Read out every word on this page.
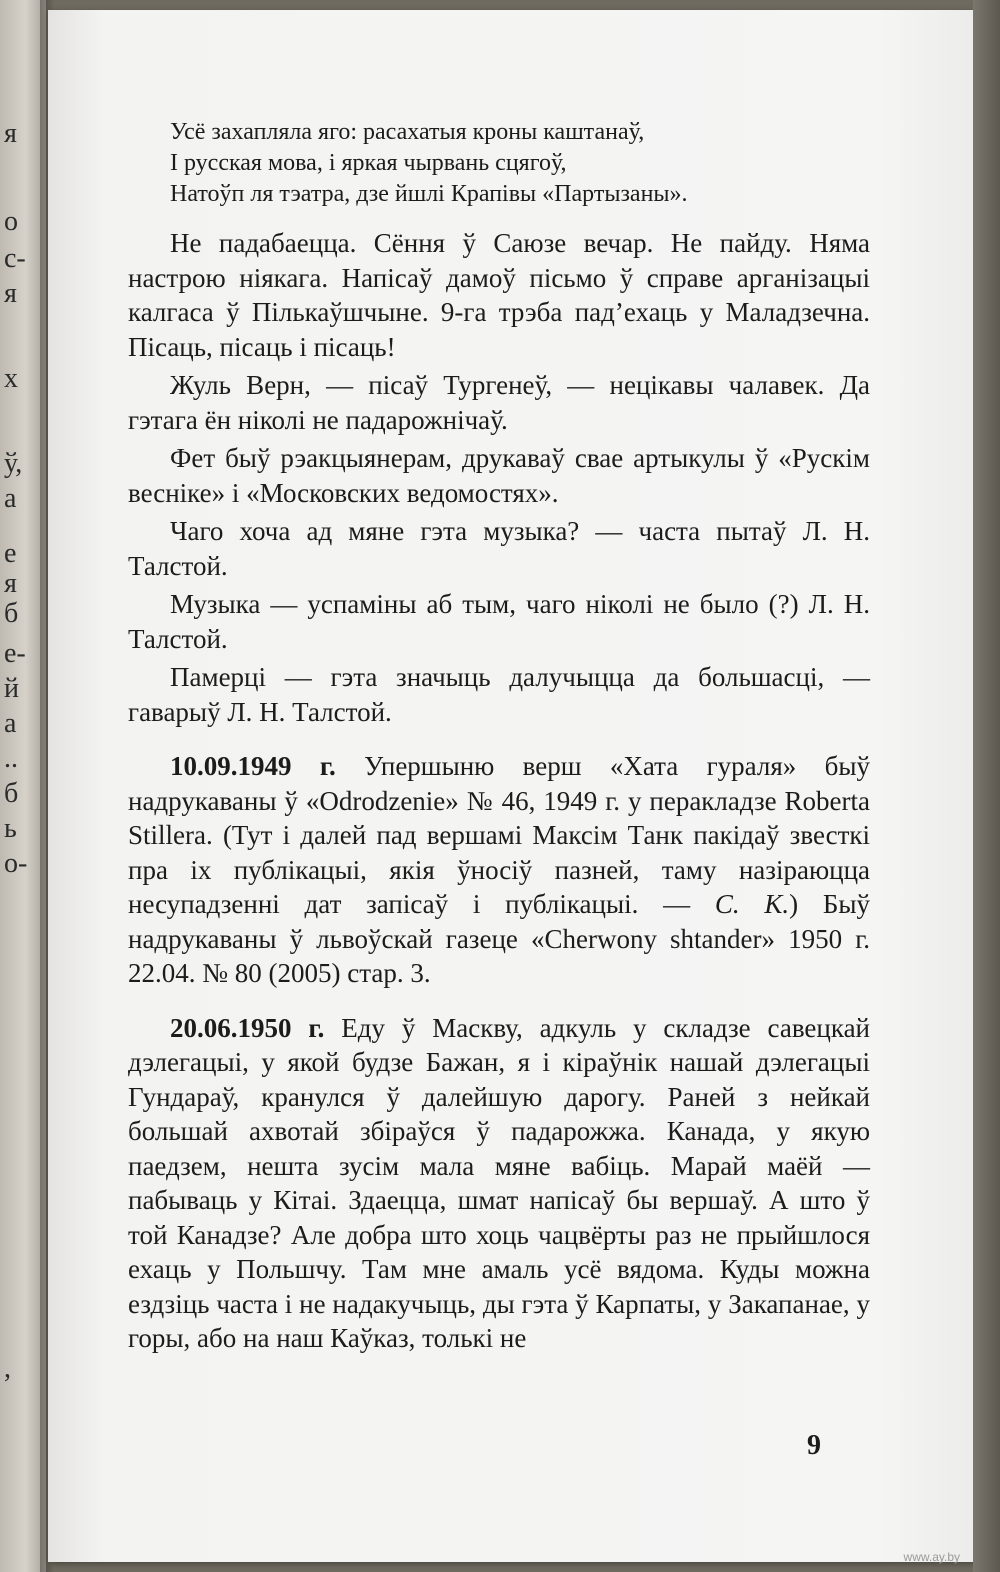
я
о
с-
я
х
ў,
а
е
я
б
е-
й
а
..
б
ь
о-
,
Усё захапляла яго: расахатыя кроны каштанаў,
І русская мова, і яркая чырвань сцягоў,
Натоўп ля тэатра, дзе йшлі Крапівы «Партызаны».

Не падабаецца. Сёння ў Саюзе вечар. Не пайду. Няма настрою ніякага. Напісаў дамоў пісьмо ў справе арганізацыі калгаса ў Пількаўшчыне. 9-га трэба пад’ехаць у Маладзечна. Пісаць, пісаць і пісаць!

Жуль Верн, — пісаў Тургенеў, — нецікавы чалавек. Да гэтага ён ніколі не падарожнічаў.

Фет быў рэакцыянерам, друкаваў свае артыкулы ў «Рускім весніке» і «Московских ведомостях».

Чаго хоча ад мяне гэта музыка? — часта пытаў Л. Н. Талстой.

Музыка — успаміны аб тым, чаго ніколі не было (?) Л. Н. Талстой.

Памерці — гэта значыць далучыцца да большасці, — гаварыў Л. Н. Талстой.

10.09.1949 г. Упершыню верш «Хата гураля» быў надрукаваны ў «Odrodzenie» № 46, 1949 г. у перакладзе Roberta Stillera. (Тут і далей пад вершамі Максім Танк пакідаў звесткі пра іх публікацыі, якія ўносіў пазней, таму назіраюцца несупадзенні дат запісаў і публікацыі. — С. К.) Быў надрукаваны ў львоўскай газеце «Cherwony shtander» 1950 г. 22.04. № 80 (2005) стар. 3.

20.06.1950 г. Еду ў Маскву, адкуль у складзе савецкай дэлегацыі, у якой будзе Бажан, я і кіраўнік нашай дэлегацыі Гундараў, кранулся ў далейшую дарогу. Раней з нейкай большай ахвотай збіраўся ў падарожжа. Канада, у якую паедзем, нешта зусім мала мяне вабіць. Марай маёй — пабываць у Кітаі. Здаецца, шмат напісаў бы вершаў. А што ў той Канадзе? Але добра што хоць чацвёрты раз не прыйшлося ехаць у Польшчу. Там мне амаль усё вядома. Куды можна ездзіць часта і не надакучыць, ды гэта ў Карпаты, у Закапанае, у горы, або на наш Каўказ, толькі не

9
www.ay.by
